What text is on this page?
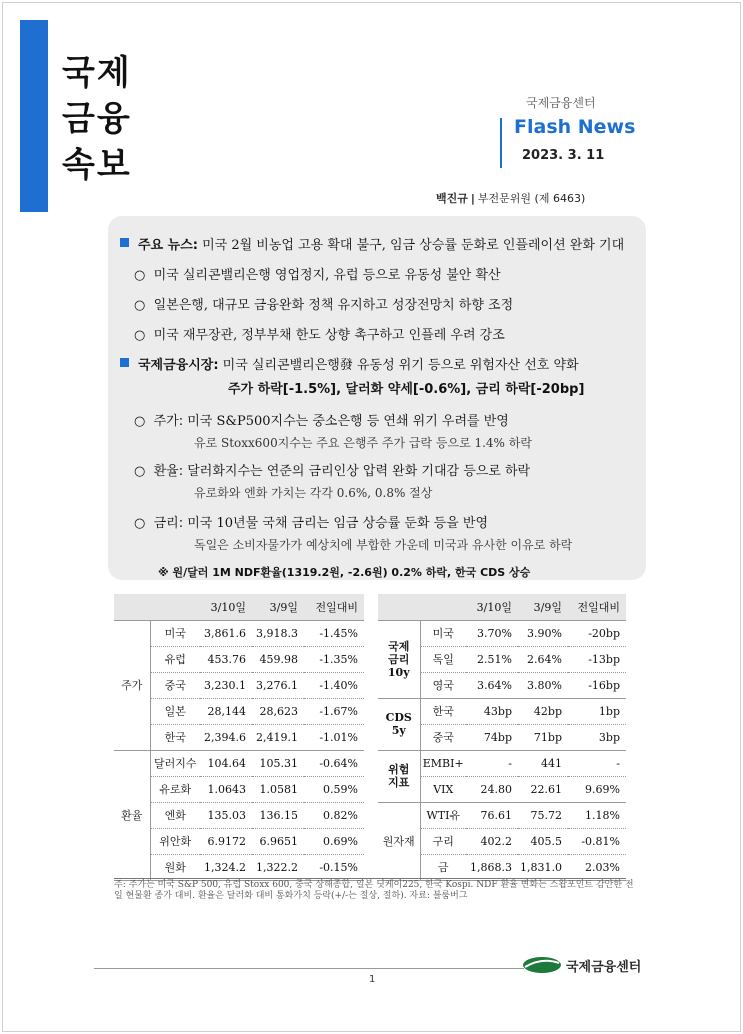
국제
금융
속보
국제금융센터
Flash News
2023. 3. 11
백진규 | 부전문위원 (제 6463)
주요 뉴스: 미국 2월 비농업 고용 확대 불구, 임금 상승률 둔화로 인플레이션 완화 기대
○ 미국 실리콘밸리은행 영업정지, 유럽 등으로 유동성 불안 확산
○ 일본은행, 대규모 금융완화 정책 유지하고 성장전망치 하향 조정
○ 미국 재무장관, 정부부채 한도 상향 촉구하고 인플레 우려 강조
국제금융시장: 미국 실리콘밸리은행發 유동성 위기 등으로 위험자산 선호 약화
주가 하락[-1.5%], 달러화 약세[-0.6%], 금리 하락[-20bp]
○ 주가: 미국 S&P500지수는 중소은행 등 연쇄 위기 우려를 반영
유로 Stoxx600지수는 주요 은행주 주가 급락 등으로 1.4% 하락
○ 환율: 달러화지수는 연준의 금리인상 압력 완화 기대감 등으로 하락
유로화와 엔화 가치는 각각 0.6%, 0.8% 절상
○ 금리: 미국 10년물 국채 금리는 임금 상승률 둔화 등을 반영
독일은 소비자물가가 예상치에 부합한 가운데 미국과 유사한 이유로 하락
※ 원/달러 1M NDF환율(1319.2원, -2.6원) 0.2% 하락, 한국 CDS 상승
		3/10일	3/9일	전일대비
주가	미국	3,861.6	3,918.3	-1.45%
	유럽	453.76	459.98	-1.35%
	중국	3,230.1	3,276.1	-1.40%
	일본	28,144	28,623	-1.67%
	한국	2,394.6	2,419.1	-1.01%
환율	달러지수	104.64	105.31	-0.64%
	유로화	1.0643	1.0581	0.59%
	엔화	135.03	136.15	0.82%
	위안화	6.9172	6.9651	0.69%
	원화	1,324.2	1,322.2	-0.15%
		3/10일	3/9일	전일대비
국제
금리
10y	미국	3.70%	3.90%	-20bp
	독일	2.51%	2.64%	-13bp
	영국	3.64%	3.80%	-16bp
CDS
5y	한국	43bp	42bp	1bp
	중국	74bp	71bp	3bp
위험
지표	EMBI+	-	441	-
	VIX	24.80	22.61	9.69%
원자재	WTI유	76.61	75.72	1.18%
	구리	402.2	405.5	-0.81%
	금	1,868.3	1,831.0	2.03%
주: 주가는 미국 S&P 500, 유럽 Stoxx 600, 중국 상해종합, 일본 닛케이225, 한국 Kospi. NDF 환율 변화는 스왑포인트 감안한 전일 현물환 종가 대비. 환율은 달러화 대비 통화가치 등락(+/-는 절상, 절하). 자료: 블룸버그
1
국제금융센터
